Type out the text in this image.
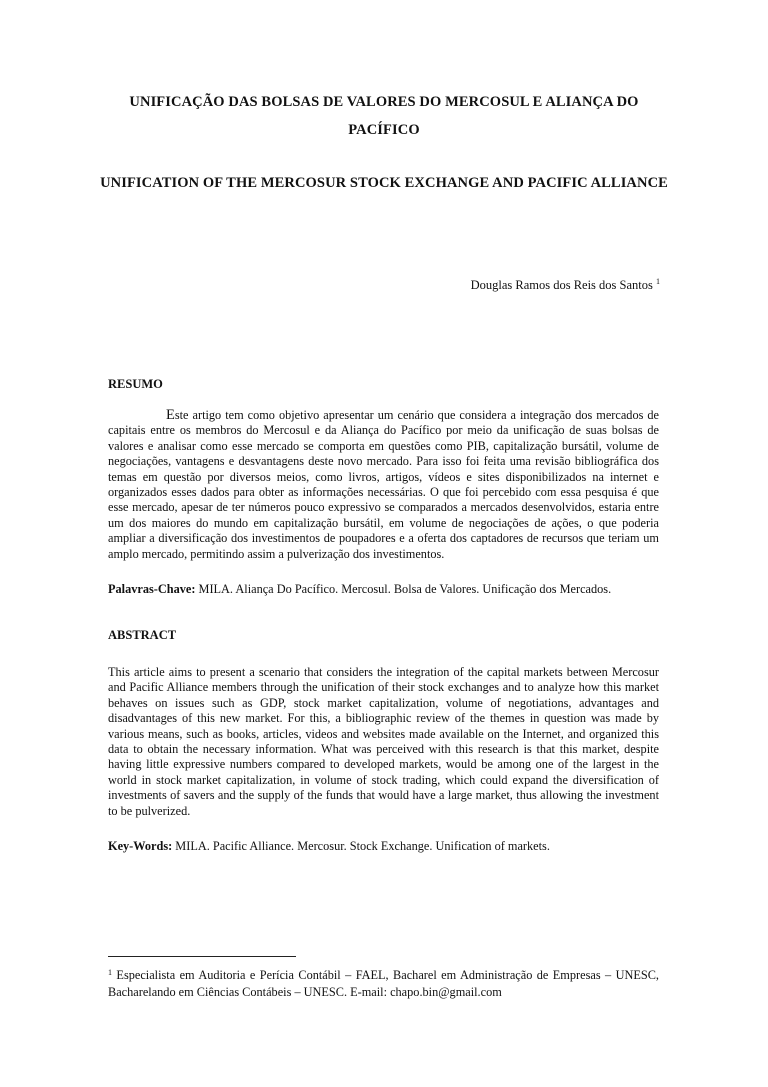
UNIFICAÇÃO DAS BOLSAS DE VALORES DO MERCOSUL E ALIANÇA DO PACÍFICO
UNIFICATION OF THE MERCOSUR STOCK EXCHANGE AND PACIFIC ALLIANCE
Douglas Ramos dos Reis dos Santos $^1$
RESUMO

Este artigo tem como objetivo apresentar um cenário que considera a integração dos mercados de capitais entre os membros do Mercosul e da Aliança do Pacífico por meio da unificação de suas bolsas de valores e analisar como esse mercado se comporta em questões como PIB, capitalização bursátil, volume de negociações, vantagens e desvantagens deste novo mercado. Para isso foi feita uma revisão bibliográfica dos temas em questão por diversos meios, como livros, artigos, vídeos e sites disponibilizados na internet e organizados esses dados para obter as informações necessárias. O que foi percebido com essa pesquisa é que esse mercado, apesar de ter números pouco expressivo se comparados a mercados desenvolvidos, estaria entre um dos maiores do mundo em capitalização bursátil, em volume de negociações de ações, o que poderia ampliar a diversificação dos investimentos de poupadores e a oferta dos captadores de recursos que teriam um amplo mercado, permitindo assim a pulverização dos investimentos.

Palavras-Chave: MILA. Aliança Do Pacífico. Mercosul. Bolsa de Valores. Unificação dos Mercados.
ABSTRACT

This article aims to present a scenario that considers the integration of the capital markets between Mercosur and Pacific Alliance members through the unification of their stock exchanges and to analyze how this market behaves on issues such as GDP, stock market capitalization, volume of negotiations, advantages and disadvantages of this new market. For this, a bibliographic review of the themes in question was made by various means, such as books, articles, videos and websites made available on the Internet, and organized this data to obtain the necessary information. What was perceived with this research is that this market, despite having little expressive numbers compared to developed markets, would be among one of the largest in the world in stock market capitalization, in volume of stock trading, which could expand the diversification of investments of savers and the supply of the funds that would have a large market, thus allowing the investment to be pulverized.

Key-Words: MILA. Pacific Alliance. Mercosur. Stock Exchange. Unification of markets.

$^1$ Especialista em Auditoria e Perícia Contábil – FAEL, Bacharel em Administração de Empresas – UNESC, Bacharelando em Ciências Contábeis – UNESC. E-mail: chapo.bin@gmail.com
